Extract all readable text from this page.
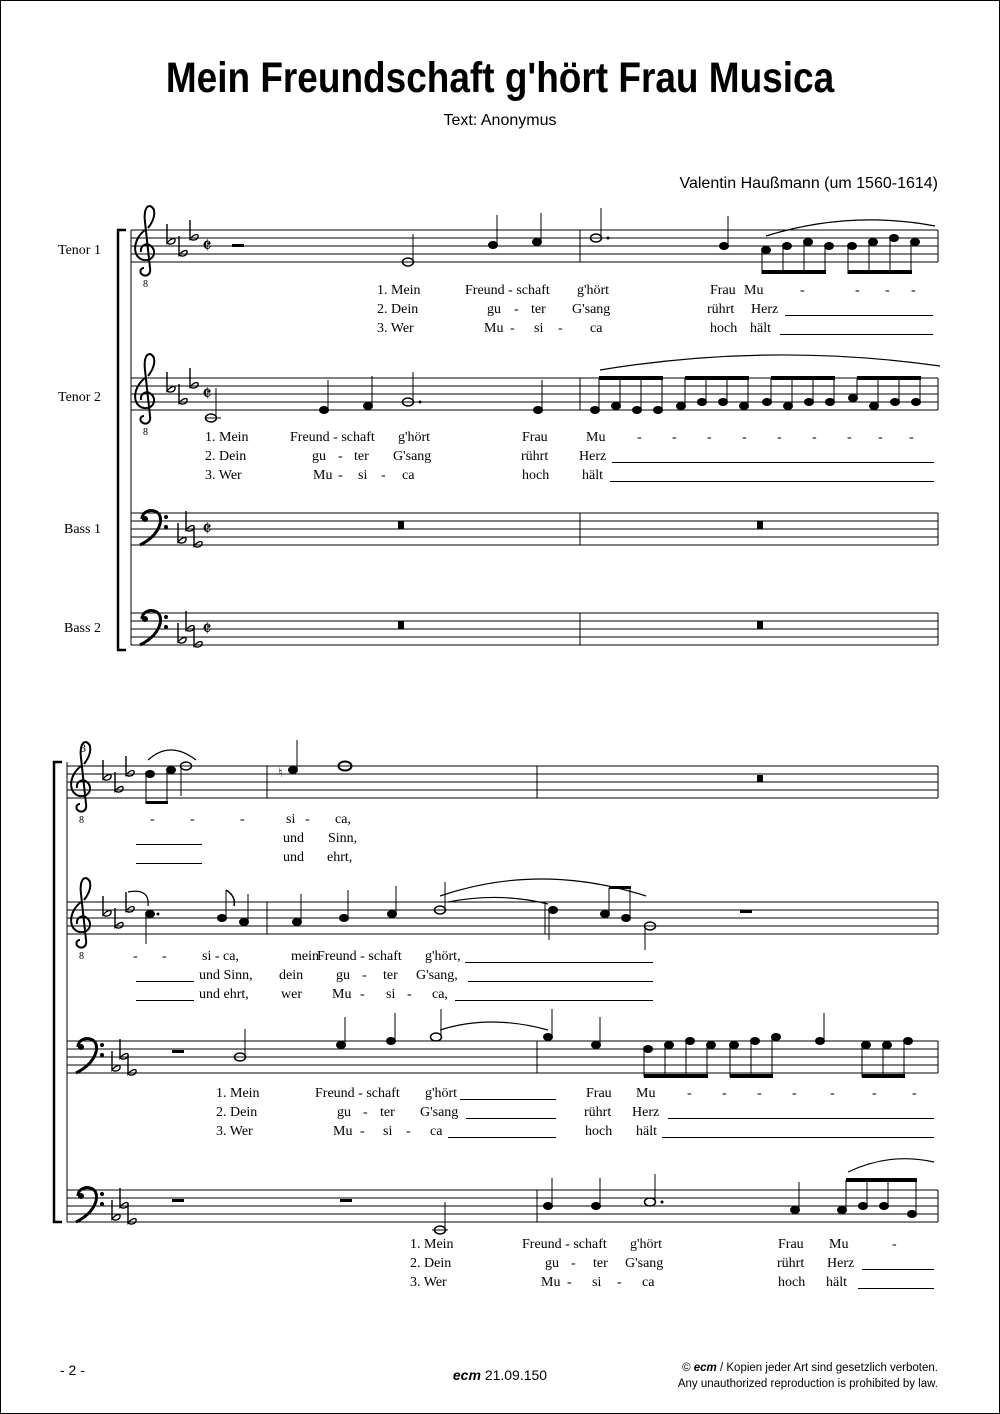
Mein Freundschaft g'hört Frau Musica
Text: Anonymus
Valentin Haußmann (um 1560-1614)
Tenor 1
Tenor 2
Bass 1
Bass 2
8
𝄵
8
𝄵
𝄵
𝄵
8
♮
8
3
1. Mein	Freund - schaft g'hört	Frau Mu	-	- - -
2. Dein	gu - ter G'sang	rührt Herz
3. Wer	Mu - si - ca	hoch hält
1. Mein	Freund - schaft g'hört	Frau	Mu - - - - - - - - -
2. Dein	gu - ter G'sang	rührt Herz
3. Wer	Mu - si - ca	hoch hält
-	-	-	si - ca,
und Sinn,
und ehrt,
- -	si - ca,	mein
Freund - schaft g'hört,
und Sinn, dein gu - ter G'sang,
und ehrt, wer Mu - si - ca,
1. Mein	Freund - schaft g'hört	Frau Mu - - - - -	-	-
2. Dein	gu - ter G'sang	rührt Herz
3. Wer	Mu - si - ca	hoch hält
1. Mein	Freund - schaft g'hört	Frau Mu	-
2. Dein	gu - ter G'sang	rührt Herz
3. Wer	Mu - si - ca	hoch hält
- 2 -	ecm 21.09.150	© ecm / Kopien jeder Art sind gesetzlich verboten.
Any unauthorized reproduction is prohibited by law.
